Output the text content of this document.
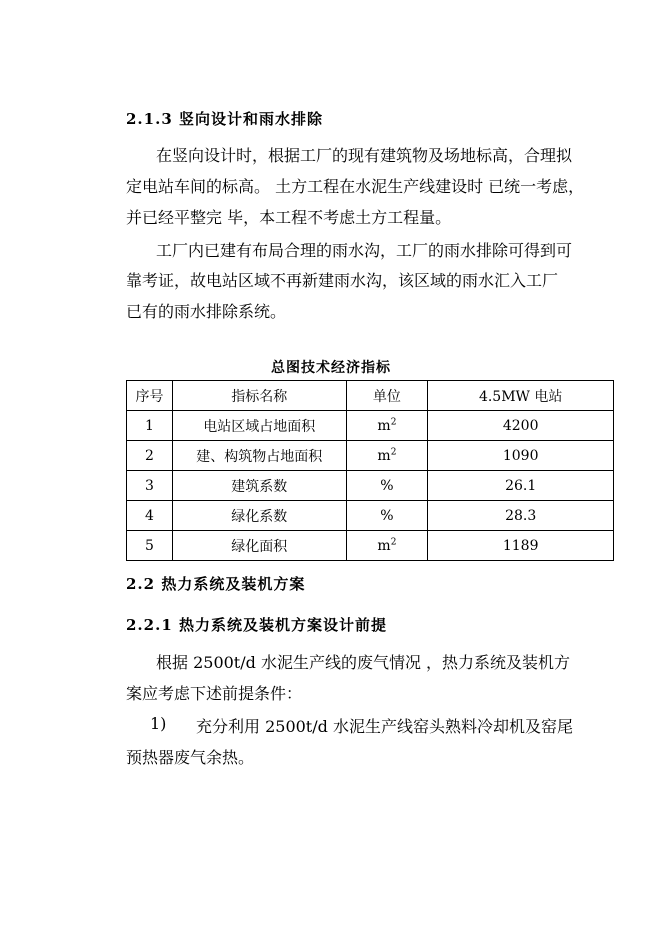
2.1.3 竖向设计和雨水排除
在竖向设计时，根据工厂的现有建筑物及场地标高，合理拟
定电站车间的标高。 土方工程在水泥生产线建设时 已统一考虑，
并已经平整完 毕，本工程不考虑土方工程量。
工厂内已建有布局合理的雨水沟，工厂的雨水排除可得到可
靠考证，故电站区域不再新建雨水沟，该区域的雨水汇入工厂
已有的雨水排除系统。
总图技术经济指标
序号	指标名称	单位	4.5MW 电站
1	电站区域占地面积	$m^2$	4200
2	建、构筑物占地面积	$m^2$	1090
3	建筑系数	%	26.1
4	绿化系数	%	28.3
5	绿化面积	$m^2$	1189
2.2 热力系统及装机方案
2.2.1 热力系统及装机方案设计前提
根据 2500t/d 水泥生产线的废气情况 ，热力系统及装机方
案应考虑下述前提条件：
1) 充分利用 2500t/d 水泥生产线窑头熟料冷却机及窑尾
预热器废气余热。
